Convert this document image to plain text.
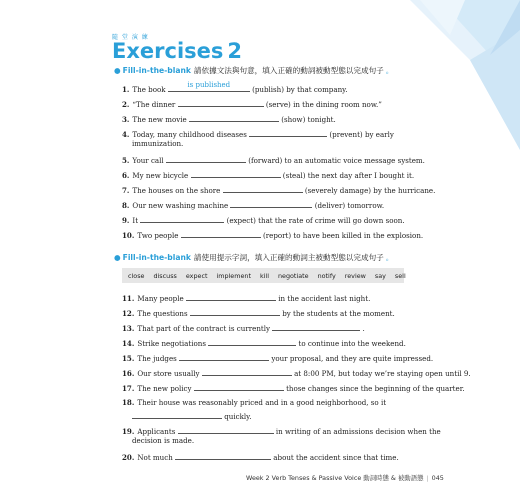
隨 堂 演 練
Exercises 2
● Fill-in-the-blank 請依據文法與句意，填入正確的動詞被動型態以完成句子 。
● Fill-in-the-blank 請使用提示字詞，填入正確的動詞主被動型態以完成句子 。
close discuss expect implement kill negotiate notify review say sell
1. The book	is published	(publish) by that company.
2. “The dinner	(serve) in the dining room now.”
3. The new movie	(show) tonight.
4. Today, many childhood diseases	(prevent) by early
immunization.
5. Your call	(forward) to an automatic voice message system.
6. My new bicycle	(steal) the next day after I bought it.
7. The houses on the shore	(severely damage) by the hurricane.
8. Our new washing machine	(deliver) tomorrow.
9. It	(expect) that the rate of crime will go down soon.
10. Two people	(report) to have been killed in the explosion.
11. Many people	in the accident last night.
12. The questions	by the students at the moment.
13. That part of the contract is currently	.
14. Strike negotiations	to continue into the weekend.
15. The judges	your proposal, and they are quite impressed.
16. Our store usually	at 8:00 PM, but today we’re staying open until 9.
17. The new policy	those changes since the beginning of the quarter.
18. Their house was reasonably priced and in a good neighborhood, so it
quickly.
19. Applicants	in writing of an admissions decision when the
decision is made.
20. Not much	about the accident since that time.
Week 2 Verb Tenses & Passive Voice 動詞時態 & 被動語態 | 045
